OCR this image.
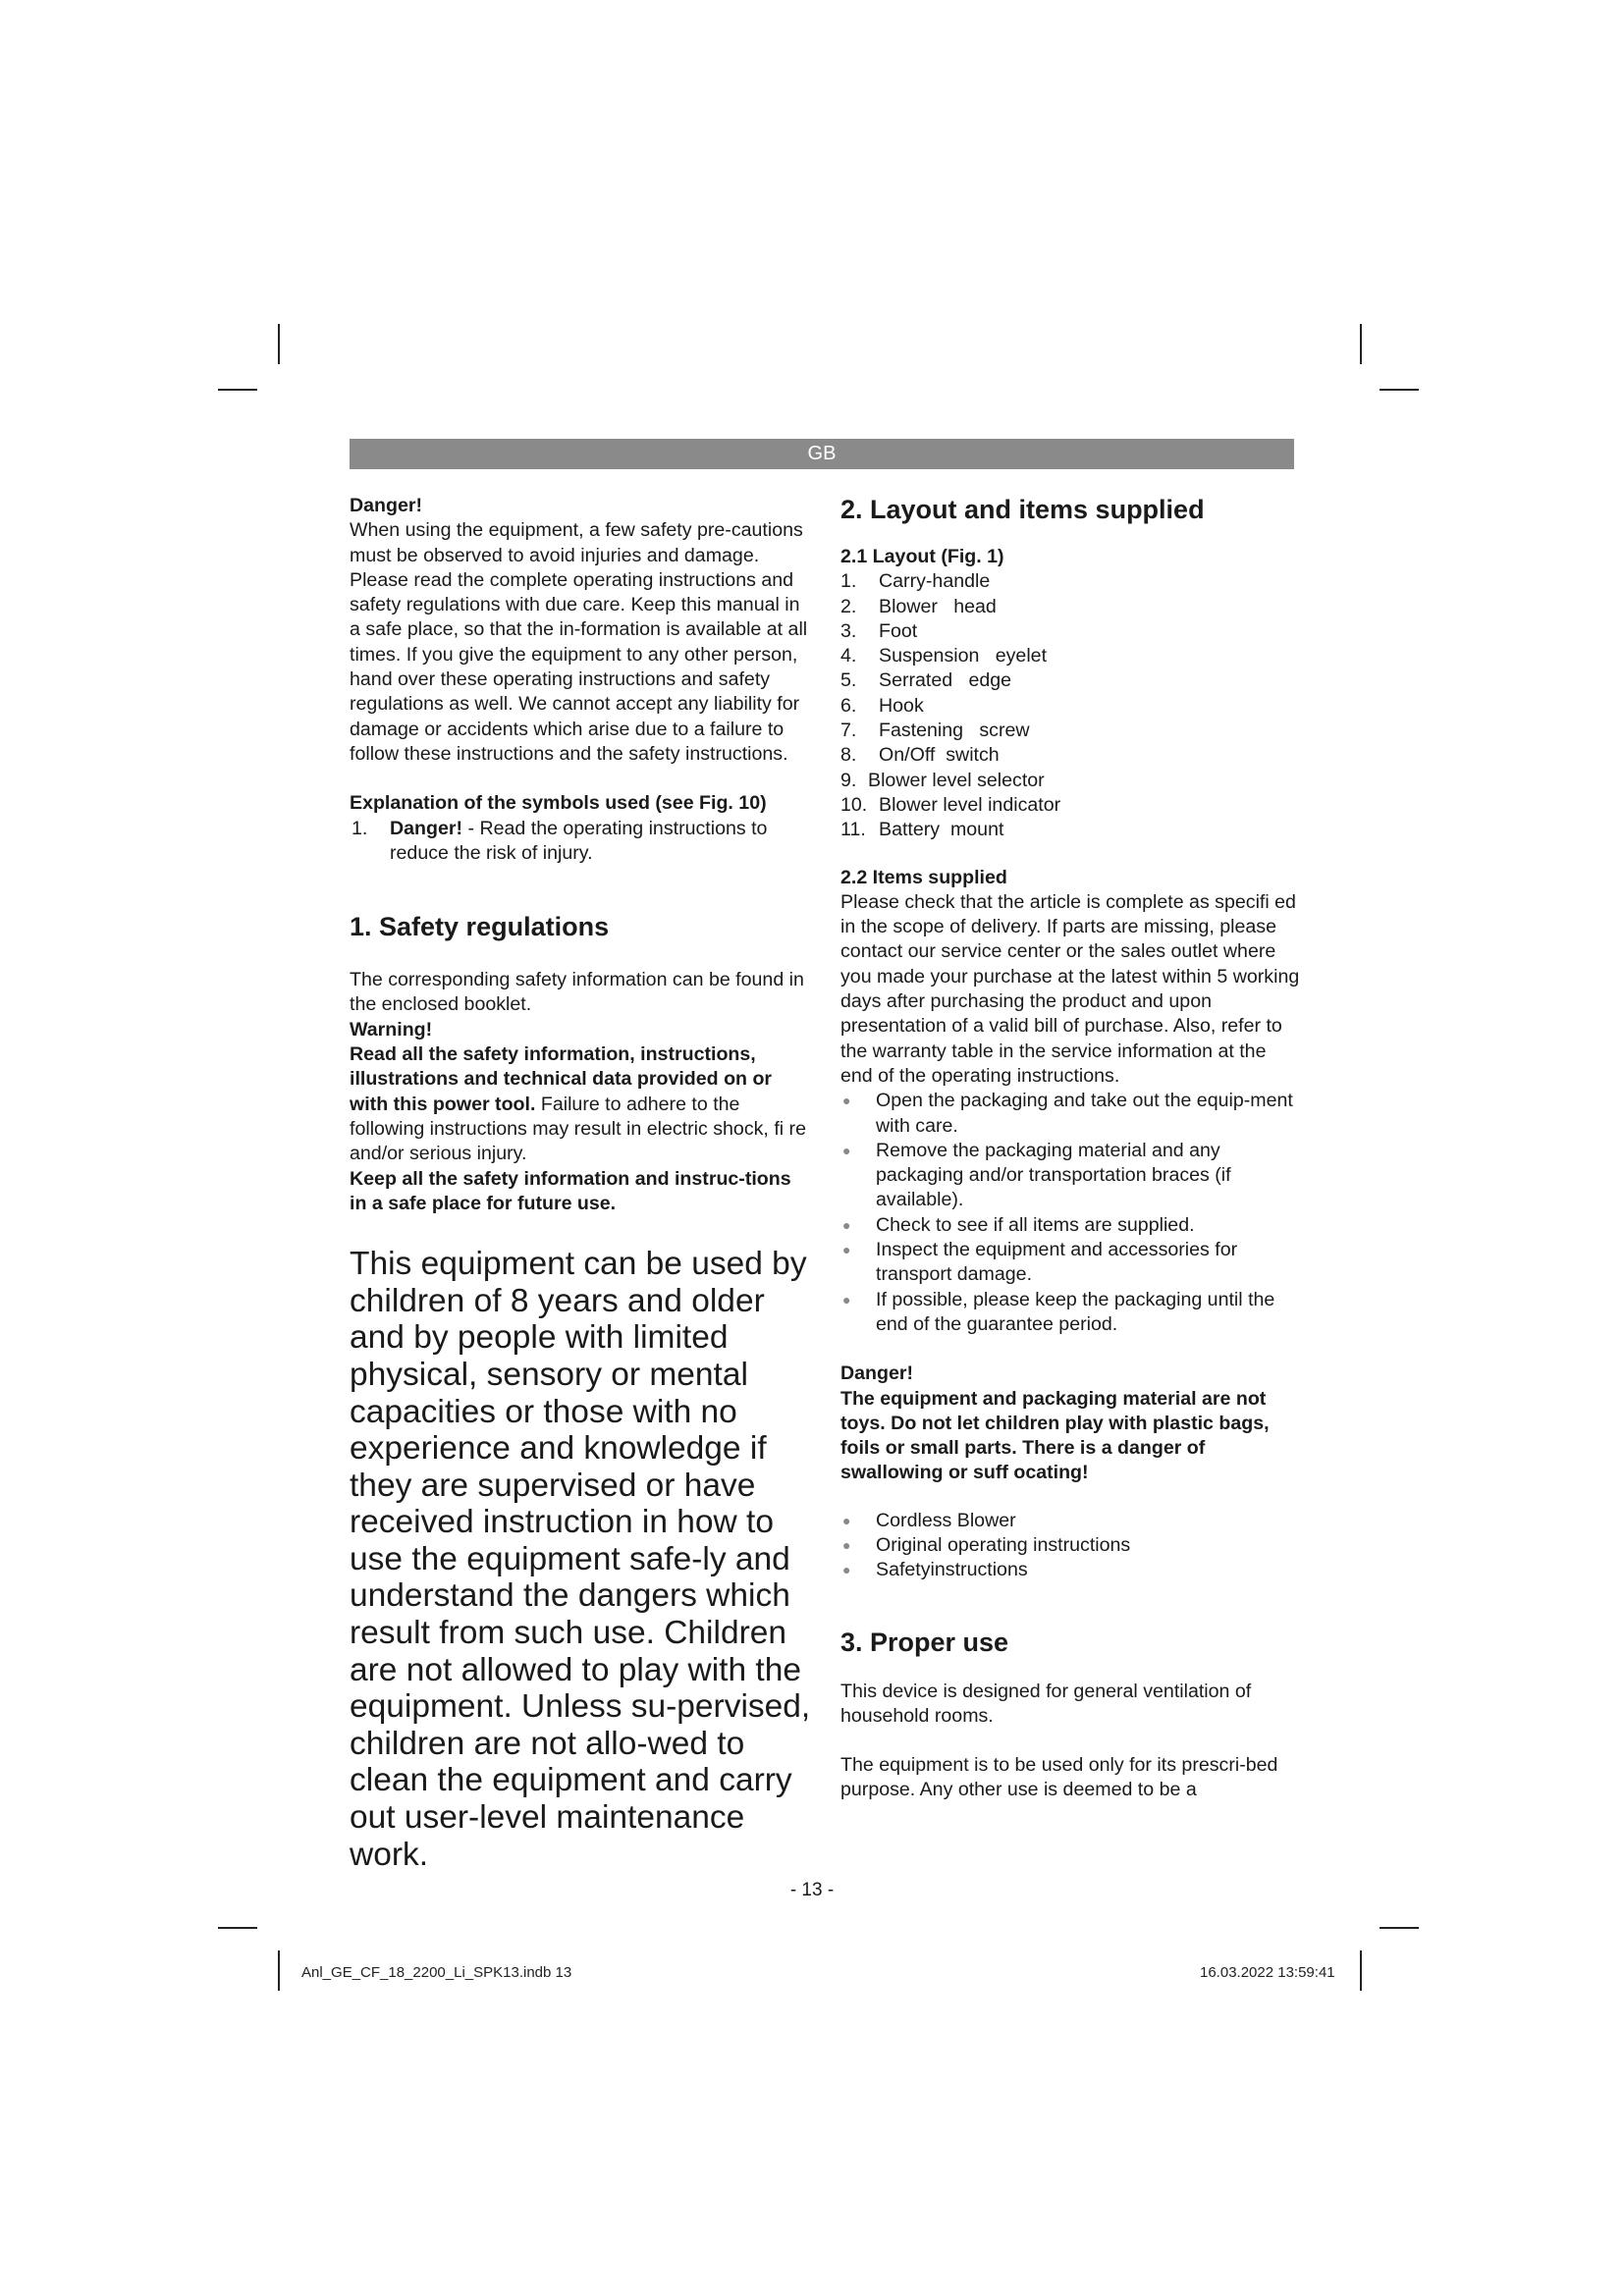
GB

Danger!

When using the equipment, a few safety pre-cautions must be observed to avoid injuries and damage. Please read the complete operating instructions and safety regulations with due care. Keep this manual in a safe place, so that the in-formation is available at all times. If you give the equipment to any other person, hand over these operating instructions and safety regulations as well. We cannot accept any liability for damage or accidents which arise due to a failure to follow these instructions and the safety instructions.

Explanation of the symbols used (see Fig. 10)

1.	Danger! - Read the operating instructions to reduce the risk of injury.

1. Safety regulations

The corresponding safety information can be found in the enclosed booklet.

Warning!

Read all the safety information, instructions, illustrations and technical data provided on or with this power tool. Failure to adhere to the following instructions may result in electric shock, fi re and/or serious injury.

Keep all the safety information and instruc-tions in a safe place for future use.

This equipment can be used by children of 8 years and older and by people with limited physical, sensory or mental capacities or those with no experience and knowledge if they are supervised or have received instruction in how to use the equipment safe-ly and understand the dangers which result from such use. Children are not allowed to play with the equipment. Unless su-pervised, children are not allo-wed to clean the equipment and carry out user-level maintenance work.

2. Layout and items supplied

2.1 Layout (Fig. 1)

1.	Carry-handle
2.	Blower   head
3.	Foot
4.	Suspension   eyelet
5.	Serrated   edge
6.	Hook
7.	Fastening   screw
8.	On/Off  switch
9. Blower level selector
10. Blower level indicator
11. Battery  mount

2.2 Items supplied

Please check that the article is complete as specifi ed in the scope of delivery. If parts are missing, please contact our service center or the sales outlet where you made your purchase at the latest within 5 working days after purchasing the product and upon presentation of a valid bill of purchase. Also, refer to the warranty table in the service information at the end of the operating instructions.

●	Open the packaging and take out the equip-ment with care.
●	Remove the packaging material and any packaging and/or transportation braces (if available).
●	Check to see if all items are supplied.
●	Inspect the equipment and accessories for transport damage.
●	If possible, please keep the packaging until the end of the guarantee period.

Danger!

The equipment and packaging material are not toys. Do not let children play with plastic bags, foils or small parts. There is a danger of swallowing or suff ocating!

●	Cordless Blower
●	Original operating instructions
●	Safetyinstructions

3. Proper use

This device is designed for general ventilation of household rooms.

The equipment is to be used only for its prescri-bed purpose. Any other use is deemed to be a

- 13 -
Anl_GE_CF_18_2200_Li_SPK13.indb 13	16.03.2022 13:59:41
